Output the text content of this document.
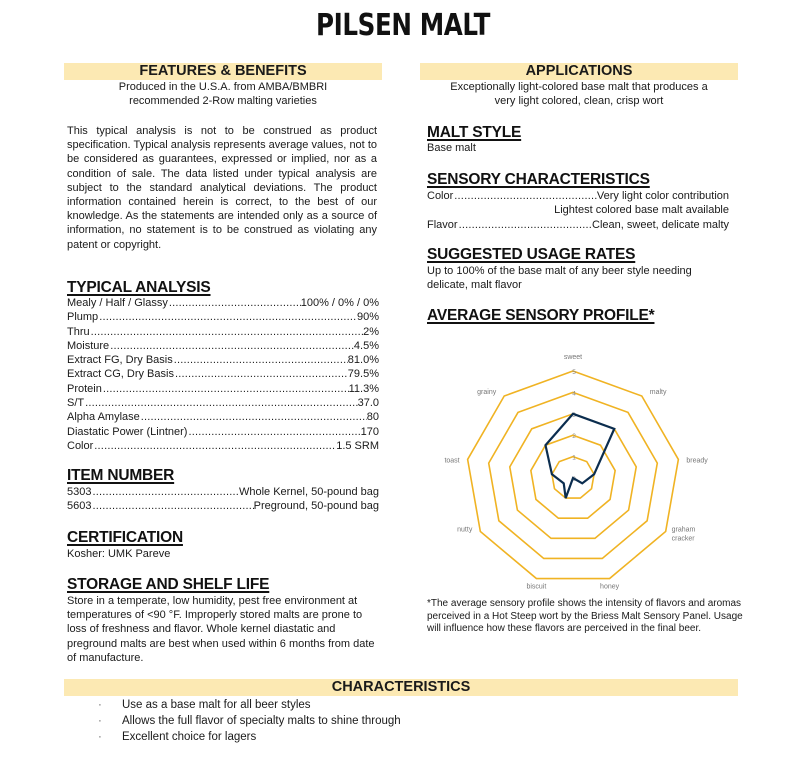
PILSEN MALT
FEATURES & BENEFITS
Produced in the U.S.A. from AMBA/BMBRI
recommended 2-Row malting varieties
This typical analysis is not to be construed as product specification. Typical analysis represents average values, not to be considered as guarantees, expressed or implied, nor as a condition of sale. The data listed under typical analysis are subject to the standard analytical deviations. The product information contained herein is correct, to the best of our knowledge. As the statements are intended only as a source of information, no statement is to be construed as violating any patent or copyright.
TYPICAL ANALYSIS
Mealy / Half / Glassy .....	100% / 0% / 0%
Plump .....	90%
Thru .....	2%
Moisture .....	4.5%
Extract FG, Dry Basis .....	81.0%
Extract CG, Dry Basis .....	79.5%
Protein .....	11.3%
S/T .....	37.0
Alpha Amylase .....	80
Diastatic Power (Lintner) .....	170
Color .....	1.5 SRM
ITEM NUMBER
5303 .....	Whole Kernel, 50-pound bag
5603 .....	Preground, 50-pound bag
CERTIFICATION
Kosher: UMK Pareve
STORAGE AND SHELF LIFE
Store in a temperate, low humidity, pest free environment at temperatures of <90 °F. Improperly stored malts are prone to loss of freshness and flavor. Whole kernel diastatic and preground malts are best when used within 6 months from date of manufacture.
APPLICATIONS
Exceptionally light-colored base malt that produces a
very light colored, clean, crisp wort
MALT STYLE
Base malt
SENSORY CHARACTERISTICS
Color .....	Very light color contribution
Lightest colored base malt available
Flavor .....	Clean, sweet, delicate malty
SUGGESTED USAGE RATES
Up to 100% of the base malt of any beer style needing delicate, malt flavor
AVERAGE SENSORY PROFILE*
0
1
2
3
4
5
sweet
malty
bready
graham
cracker
honey
biscuit
nutty
toast
grainy
*The average sensory profile shows the intensity of flavors and aromas perceived in a Hot Steep wort by the Briess Malt Sensory Panel. Usage will influence how these flavors are perceived in the final beer.
CHARACTERISTICS
· Use as a base malt for all beer styles
· Allows the full flavor of specialty malts to shine through
· Excellent choice for lagers
